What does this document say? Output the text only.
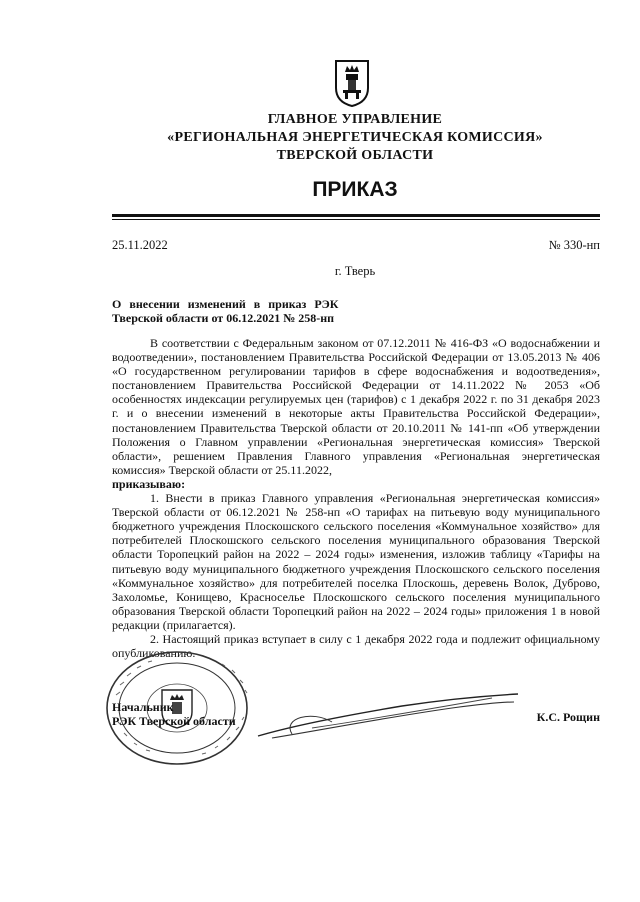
ГЛАВНОЕ УПРАВЛЕНИЕ
«РЕГИОНАЛЬНАЯ ЭНЕРГЕТИЧЕСКАЯ КОМИССИЯ»
ТВЕРСКОЙ ОБЛАСТИ
ПРИКАЗ
25.11.2022	№ 330-нп
г. Тверь
О внесении изменений в приказ РЭК
Тверской области от 06.12.2021 № 258-нп

В соответствии с Федеральным законом от 07.12.2011 № 416-ФЗ «О водоснабжении и водоотведении», постановлением Правительства Российской Федерации от 13.05.2013 № 406 «О государственном регулировании тарифов в сфере водоснабжения и водоотведения», постановлением Правительства Российской Федерации от 14.11.2022 № 2053 «Об особенностях индексации регулируемых цен (тарифов) с 1 декабря 2022 г. по 31 декабря 2023 г. и о внесении изменений в некоторые акты Правительства Российской Федерации», постановлением Правительства Тверской области от 20.10.2011 № 141-пп «Об утверждении Положения о Главном управлении «Региональная энергетическая комиссия» Тверской области», решением Правления Главного управления «Региональная энергетическая комиссия» Тверской области от 25.11.2022,

приказываю:

1. Внести в приказ Главного управления «Региональная энергетическая комиссия» Тверской области от 06.12.2021 № 258-нп «О тарифах на питьевую воду муниципального бюджетного учреждения Плоскошского сельского поселения «Коммунальное хозяйство» для потребителей Плоскошского сельского поселения муниципального образования Тверской области Торопецкий район на 2022 – 2024 годы» изменения, изложив таблицу «Тарифы на питьевую воду муниципального бюджетного учреждения Плоскошского сельского поселения «Коммунальное хозяйство» для потребителей поселка Плоскошь, деревень Волок, Дуброво, Захоломье, Конищево, Красноселье Плоскошского сельского поселения муниципального образования Тверской области Торопецкий район на 2022 – 2024 годы» приложения 1 в новой редакции (прилагается).

2. Настоящий приказ вступает в силу с 1 декабря 2022 года и подлежит официальному опубликованию.

Начальник
РЭК Тверской области	К.С. Рощин
